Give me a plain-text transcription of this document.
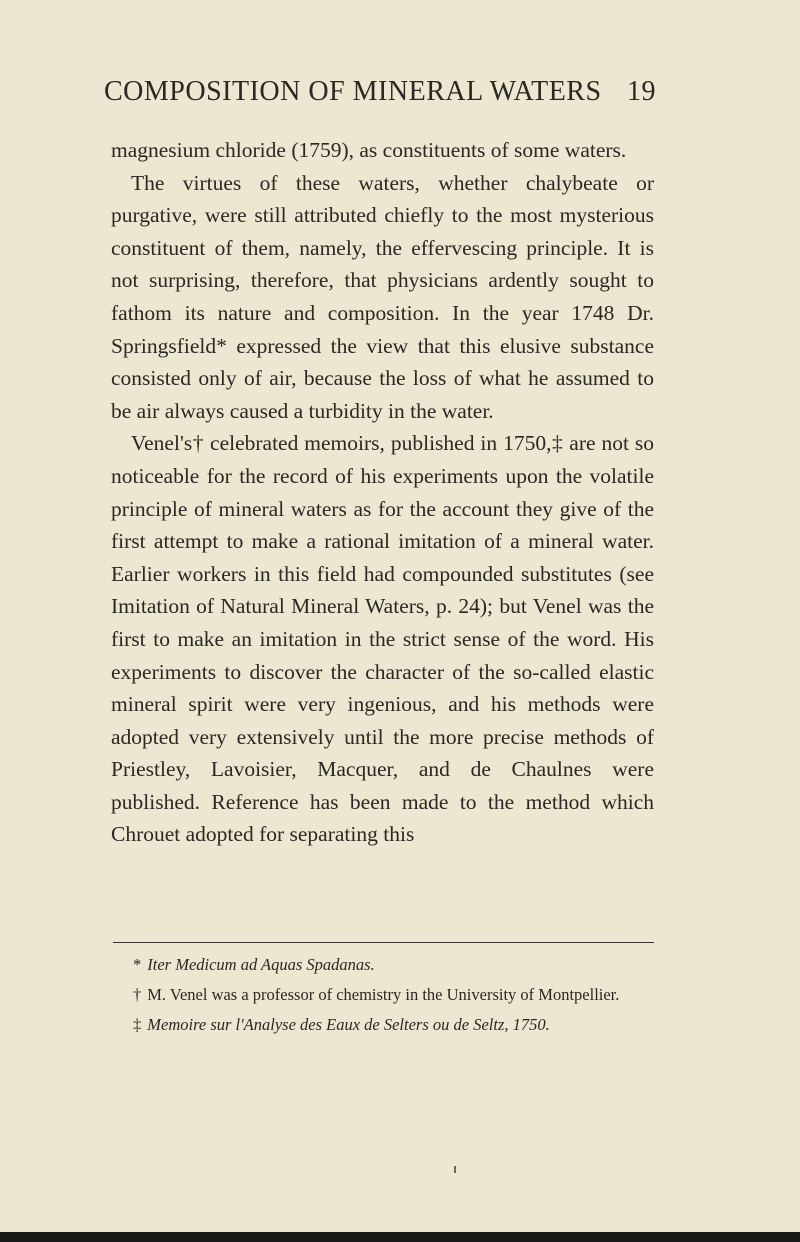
COMPOSITION OF MINERAL WATERS 19

magnesium chloride (1759), as constituents of some waters.

The virtues of these waters, whether chalybeate or purgative, were still attributed chiefly to the most mysterious constituent of them, namely, the effervescing principle. It is not surprising, therefore, that physicians ardently sought to fathom its nature and composition. In the year 1748 Dr. Springsfield* expressed the view that this elusive substance consisted only of air, because the loss of what he assumed to be air always caused a turbidity in the water.

Venel's† celebrated memoirs, published in 1750,‡ are not so noticeable for the record of his experiments upon the volatile principle of mineral waters as for the account they give of the first attempt to make a rational imitation of a mineral water. Earlier workers in this field had compounded substitutes (see Imitation of Natural Mineral Waters, p. 24); but Venel was the first to make an imitation in the strict sense of the word. His experiments to discover the character of the so-called elastic mineral spirit were very ingenious, and his methods were adopted very extensively until the more precise methods of Priestley, Lavoisier, Macquer, and de Chaulnes were published. Reference has been made to the method which Chrouet adopted for separating this

* Iter Medicum ad Aquas Spadanas.

† M. Venel was a professor of chemistry in the University of Montpellier.

‡ Memoire sur l'Analyse des Eaux de Selters ou de Seltz, 1750.
